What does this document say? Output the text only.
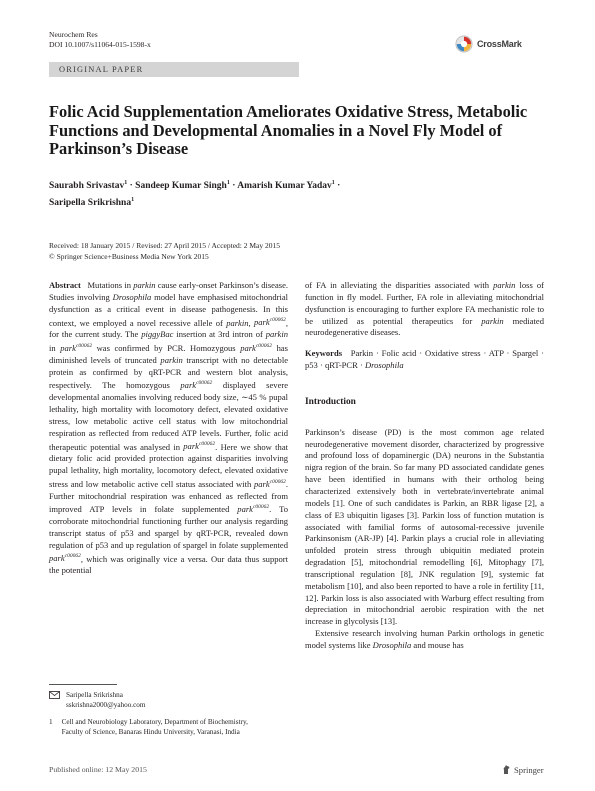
Neurochem Res
DOI 10.1007/s11064-015-1598-x	CrossMark
ORIGINAL PAPER
Folic Acid Supplementation Ameliorates Oxidative Stress, Metabolic Functions and Developmental Anomalies in a Novel Fly Model of Parkinson’s Disease
Saurabh Srivastav$^1$ · Sandeep Kumar Singh$^1$ · Amarish Kumar Yadav$^1$ ·
Saripella Srikrishna$^1$
Received: 18 January 2015 / Revised: 27 April 2015 / Accepted: 2 May 2015
© Springer Science+Business Media New York 2015

Abstract   Mutations in parkin cause early-onset Parkinson’s disease. Studies involving Drosophila model have emphasised mitochondrial dysfunction as a critical event in disease pathogenesis. In this context, we employed a novel recessive allele of parkin, park$^{c00062}$, for the current study. The piggyBac insertion at 3rd intron of parkin in park$^{c00062}$ was confirmed by PCR. Homozygous park$^{c00062}$ has diminished levels of truncated parkin transcript with no detectable protein as confirmed by qRT-PCR and western blot analysis, respectively. The homozygous park$^{c00062}$ displayed severe developmental anomalies involving reduced body size, ∼45 % pupal lethality, high mortality with locomotory defect, elevated oxidative stress, low metabolic active cell status with low mitochondrial respiration as reflected from reduced ATP levels. Further, folic acid therapeutic potential was analysed in park$^{c00062}$. Here we show that dietary folic acid provided protection against disparities involving pupal lethality, high mortality, locomotory defect, elevated oxidative stress and low metabolic active cell status associated with park$^{c00062}$. Further mitochondrial respiration was enhanced as reflected from improved ATP levels in folate supplemented park$^{c00062}$. To corroborate mitochondrial functioning further our analysis regarding transcript status of p53 and spargel by qRT-PCR, revealed down regulation of p53 and up regulation of spargel in folate supplemented park$^{c00062}$, which was originally vice a versa. Our data thus support the potential

of FA in alleviating the disparities associated with parkin loss of function in fly model. Further, FA role in alleviating mitochondrial dysfunction is encouraging to further explore FA mechanistic role to be utilized as potential therapeutics for parkin mediated neurodegenerative diseases.

Keywords   Parkin · Folic acid · Oxidative stress · ATP · Spargel · p53 · qRT-PCR · Drosophila

Introduction

Parkinson’s disease (PD) is the most common age related neurodegenerative movement disorder, characterized by progressive and profound loss of dopaminergic (DA) neurons in the Substantia nigra region of the brain. So far many PD associated candidate genes have been identified in humans with their ortholog being characterized extensively both in vertebrate/invertebrate animal models [1]. One of such candidates is Parkin, an RBR ligase [2], a class of E3 ubiquitin ligases [3]. Parkin loss of function mutation is associated with familial forms of autosomal-recessive juvenile Parkinsonism (AR-JP) [4]. Parkin plays a crucial role in alleviating unfolded protein stress through ubiquitin mediated protein degradation [5], mitochondrial remodelling [6], Mitophagy [7], transcriptional regulation [8], JNK regulation [9], systemic fat metabolism [10], and also been reported to have a role in fertility [11, 12]. Parkin loss is also associated with Warburg effect resulting from depreciation in mitochondrial aerobic respiration with the net increase in glycolysis [13].

Extensive research involving human Parkin orthologs in genetic model systems like Drosophila and mouse has

Saripella Srikrishna
sskrishna2000@yahoo.com
1 Cell and Neurobiology Laboratory, Department of Biochemistry, Faculty of Science, Banaras Hindu University, Varanasi, India
Published online: 12 May 2015	Springer
